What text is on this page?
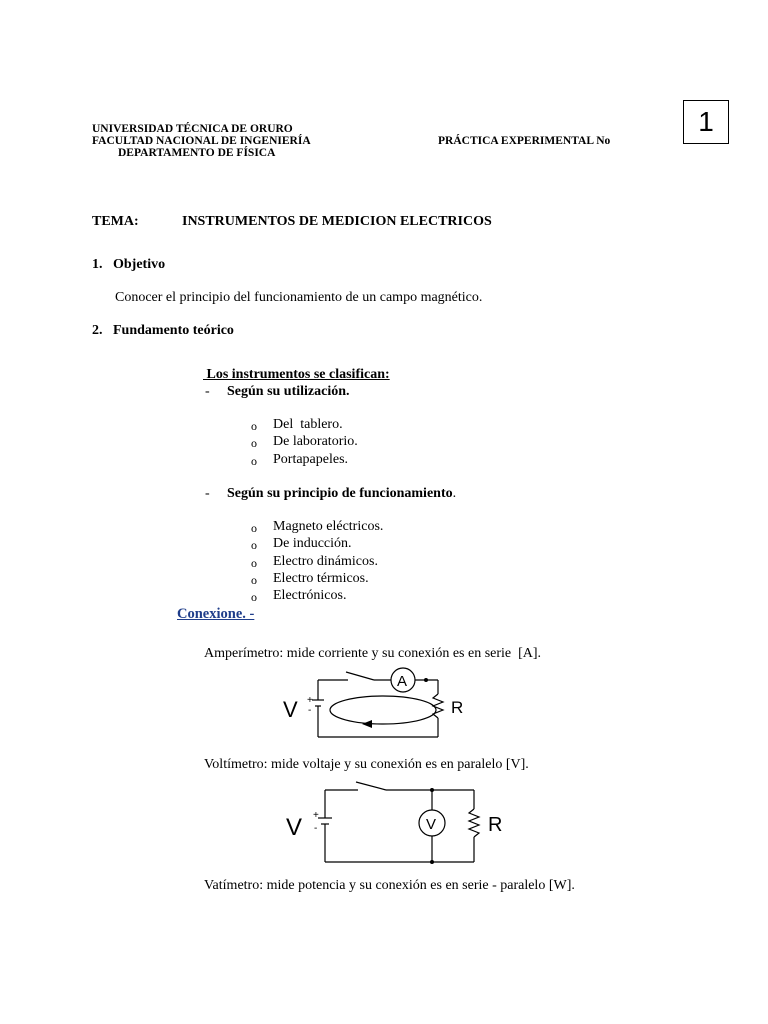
UNIVERSIDAD TÉCNICA DE ORURO
FACULTAD NACIONAL DE INGENIERÍA
DEPARTAMENTO DE FÍSICA
PRÁCTICA EXPERIMENTAL No
1
TEMA:	INSTRUMENTOS DE MEDICION ELECTRICOS
1.   Objetivo
Conocer el principio del funcionamiento de un campo magnético.
2.   Fundamento teórico
Los instrumentos se clasifican:
- Según su utilización.
o Del  tablero.
o De laboratorio.
o Portapapeles.
- Según su principio de funcionamiento.
o Magneto eléctricos.
o De inducción.
o Electro dinámicos.
o Electro térmicos.
o Electrónicos.
Conexione. -
Amperímetro: mide corriente y su conexión es en serie  [A].
V +
-
A
R
Voltímetro: mide voltaje y su conexión es en paralelo [V].
V +
-	V	R
Vatímetro: mide potencia y su conexión es en serie - paralelo [W].
